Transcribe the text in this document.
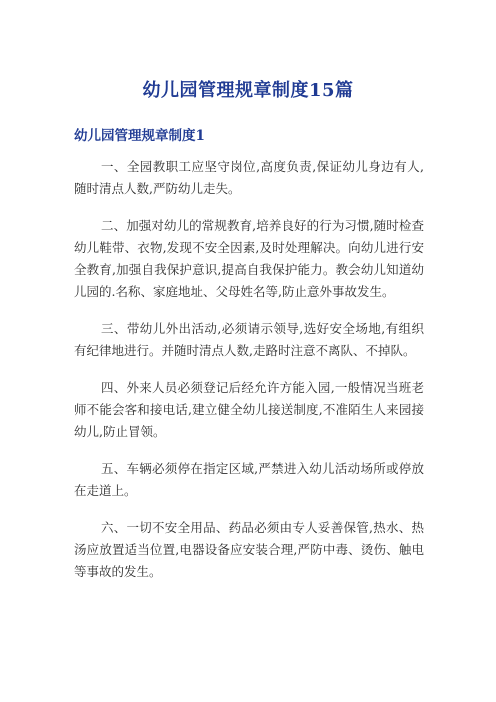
幼儿园管理规章制度15篇
幼儿园管理规章制度1

一、全园教职工应坚守岗位,高度负责,保证幼儿身边有人,随时清点人数,严防幼儿走失。

二、加强对幼儿的常规教育,培养良好的行为习惯,随时检查幼儿鞋带、衣物,发现不安全因素,及时处理解决。向幼儿进行安全教育,加强自我保护意识,提高自我保护能力。教会幼儿知道幼儿园的.名称、家庭地址、父母姓名等,防止意外事故发生。

三、带幼儿外出活动,必须请示领导,选好安全场地,有组织有纪律地进行。并随时清点人数,走路时注意不离队、不掉队。

四、外来人员必须登记后经允许方能入园,一般情况当班老师不能会客和接电话,建立健全幼儿接送制度,不准陌生人来园接幼儿,防止冒领。

五、车辆必须停在指定区域,严禁进入幼儿活动场所或停放在走道上。

六、一切不安全用品、药品必须由专人妥善保管,热水、热汤应放置适当位置,电器设备应安装合理,严防中毒、烫伤、触电等事故的发生。
